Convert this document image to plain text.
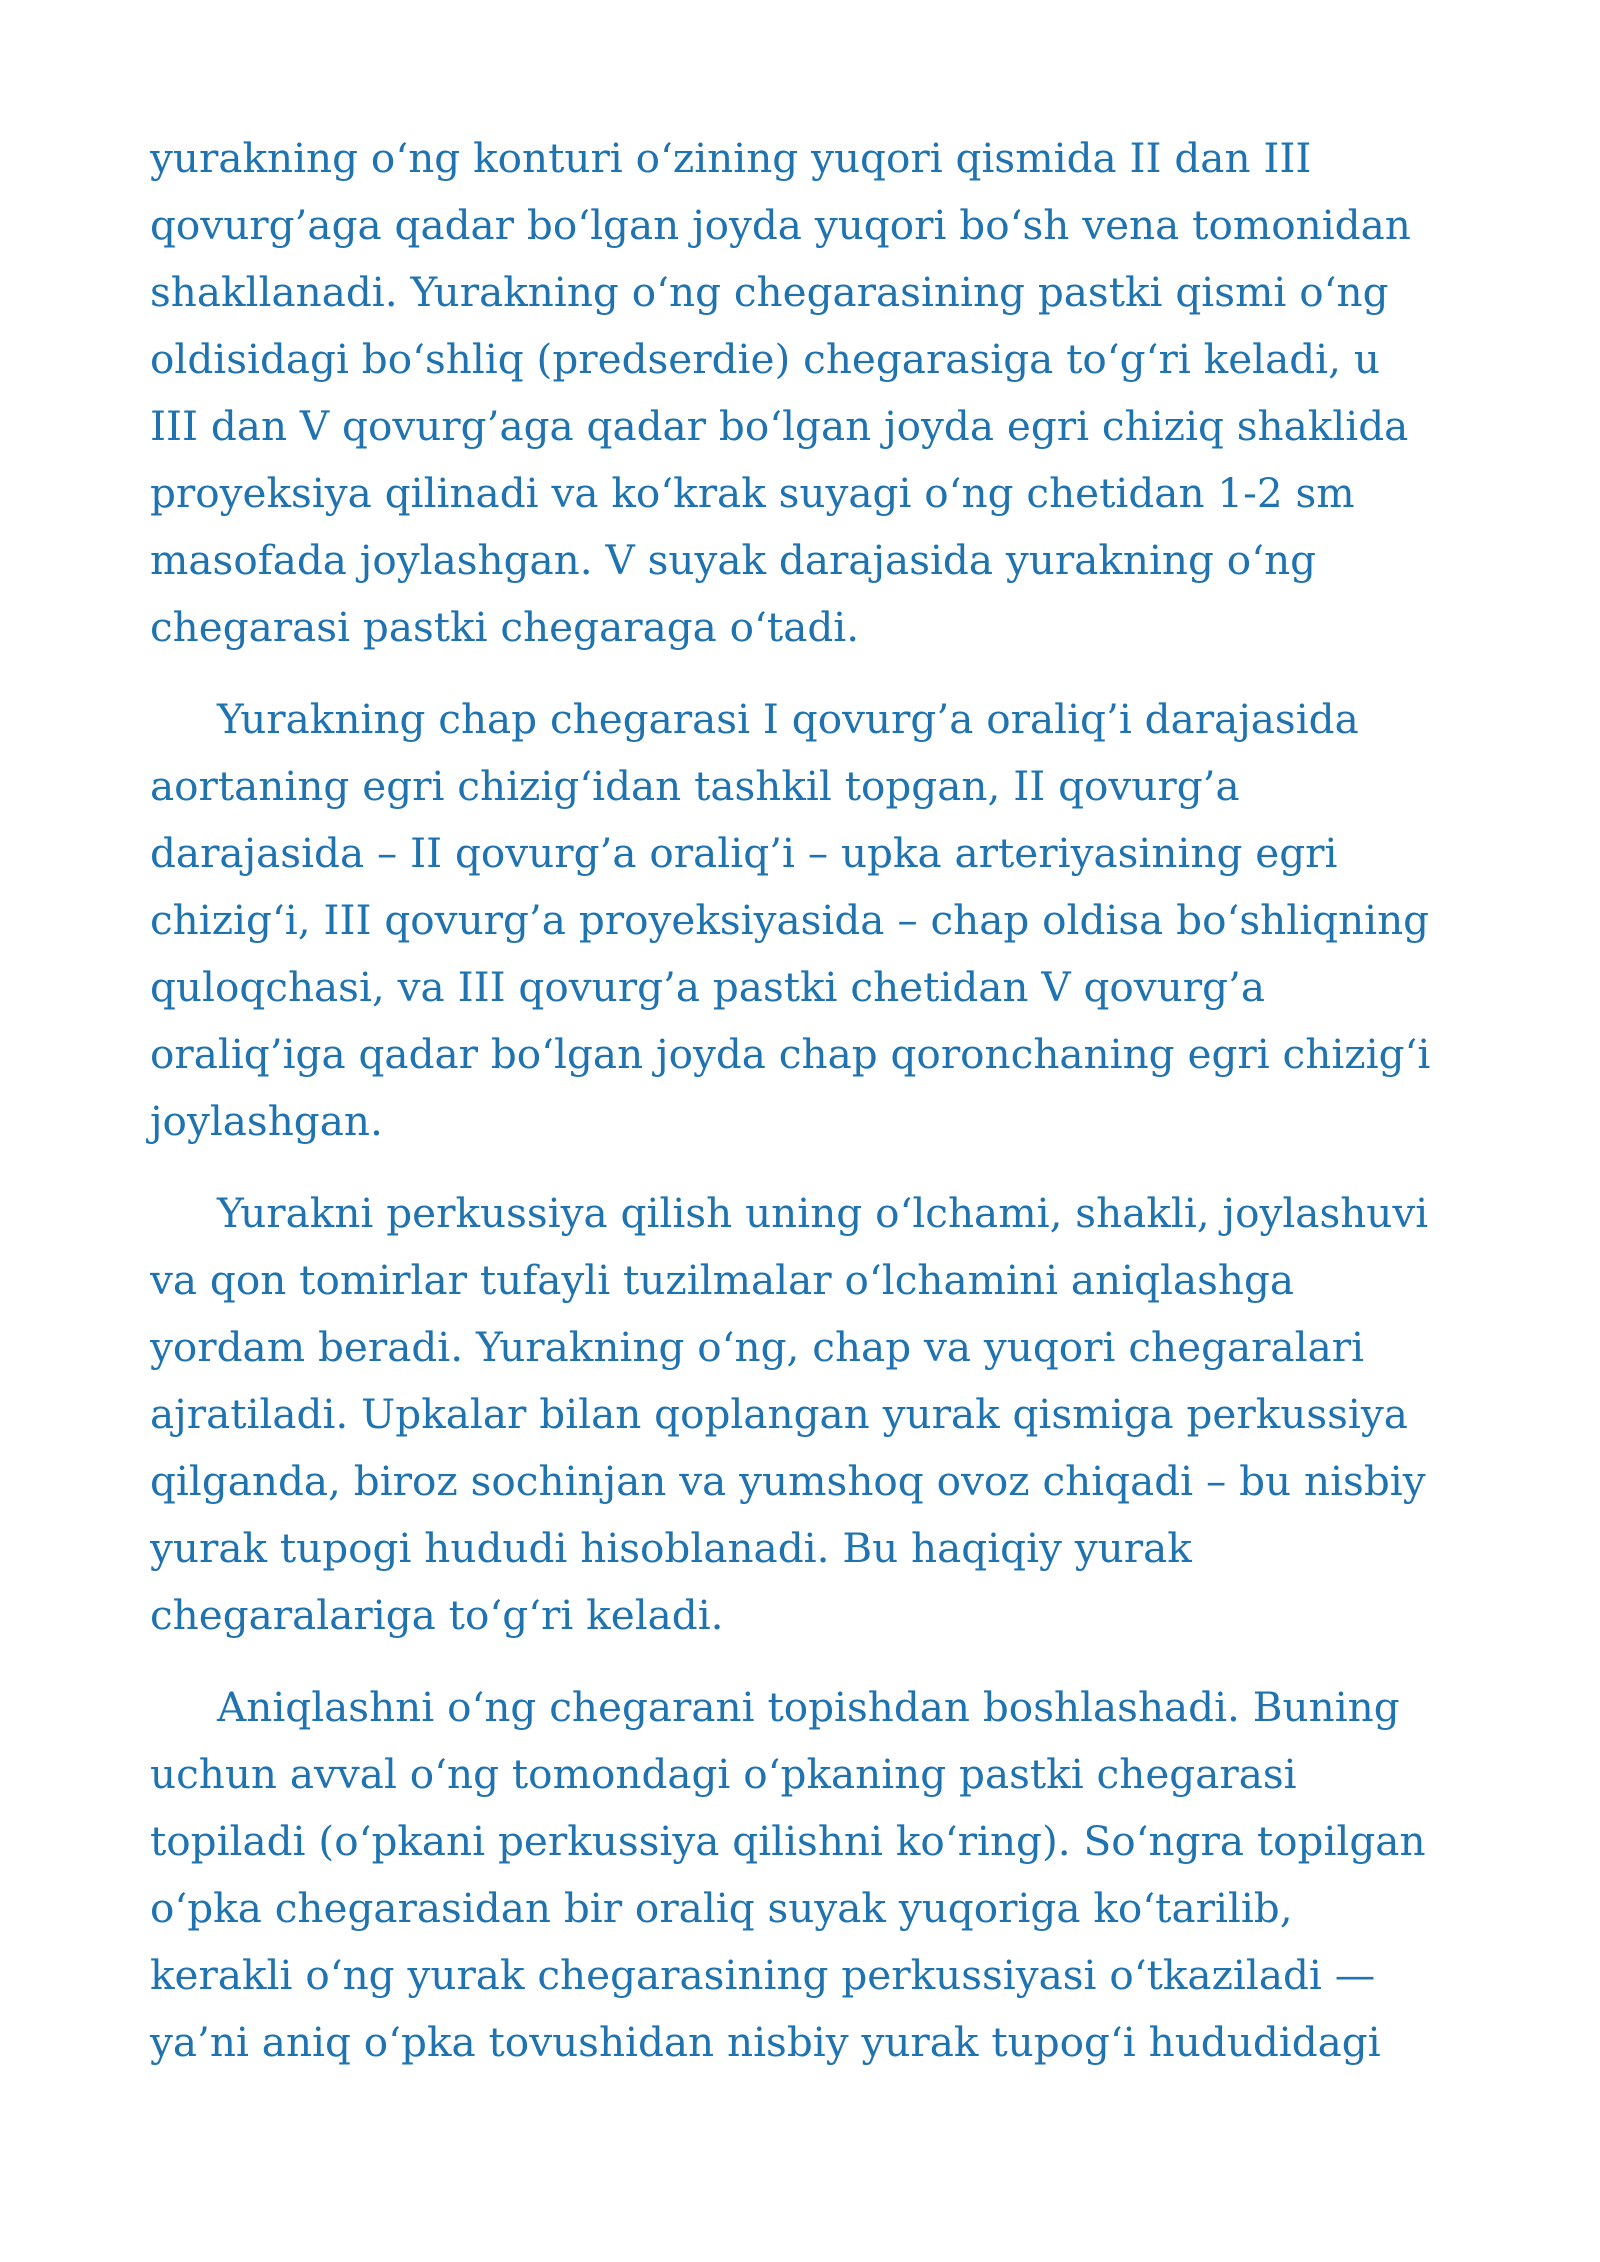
yurakning o‘ng konturi o‘zining yuqori qismida II dan III qovurg’aga qadar bo‘lgan joyda yuqori bo‘sh vena tomonidan shakllanadi. Yurakning o‘ng chegarasining pastki qismi o‘ng oldisidagi bo‘shliq (predserdie) chegarasiga to‘g‘ri keladi, u III dan V qovurg’aga qadar bo‘lgan joyda egri chiziq shaklida proyeksiya qilinadi va ko‘krak suyagi o‘ng chetidan 1-2 sm masofada joylashgan. V suyak darajasida yurakning o‘ng chegarasi pastki chegaraga o‘tadi.

Yurakning chap chegarasi I qovurg’a oraliq’i darajasida aortaning egri chizig‘idan tashkil topgan, II qovurg’a darajasida – II qovurg’a oraliq’i – upka arteriyasining egri chizig‘i, III qovurg’a proyeksiyasida – chap oldisa bo‘shliqning quloqchasi, va III qovurg’a pastki chetidan V qovurg’a oraliq’iga qadar bo‘lgan joyda chap qoronchaning egri chizig‘i joylashgan.

Yurakni perkussiya qilish uning o‘lchami, shakli, joylashuvi va qon tomirlar tufayli tuzilmalar o‘lchamini aniqlashga yordam beradi. Yurakning o‘ng, chap va yuqori chegaralari ajratiladi. Upkalar bilan qoplangan yurak qismiga perkussiya qilganda, biroz sochinjan va yumshoq ovoz chiqadi – bu nisbiy yurak tupogi hududi hisoblanadi. Bu haqiqiy yurak chegaralariga to‘g‘ri keladi.

Aniqlashni o‘ng chegarani topishdan boshlashadi. Buning uchun avval o‘ng tomondagi o‘pkaning pastki chegarasi topiladi (o‘pkani perkussiya qilishni ko‘ring). So‘ngra topilgan o‘pka chegarasidan bir oraliq suyak yuqoriga ko‘tarilib, kerakli o‘ng yurak chegarasining perkussiyasi o‘tkaziladi — ya’ni aniq o‘pka tovushidan nisbiy yurak tupog‘i hududidagi
